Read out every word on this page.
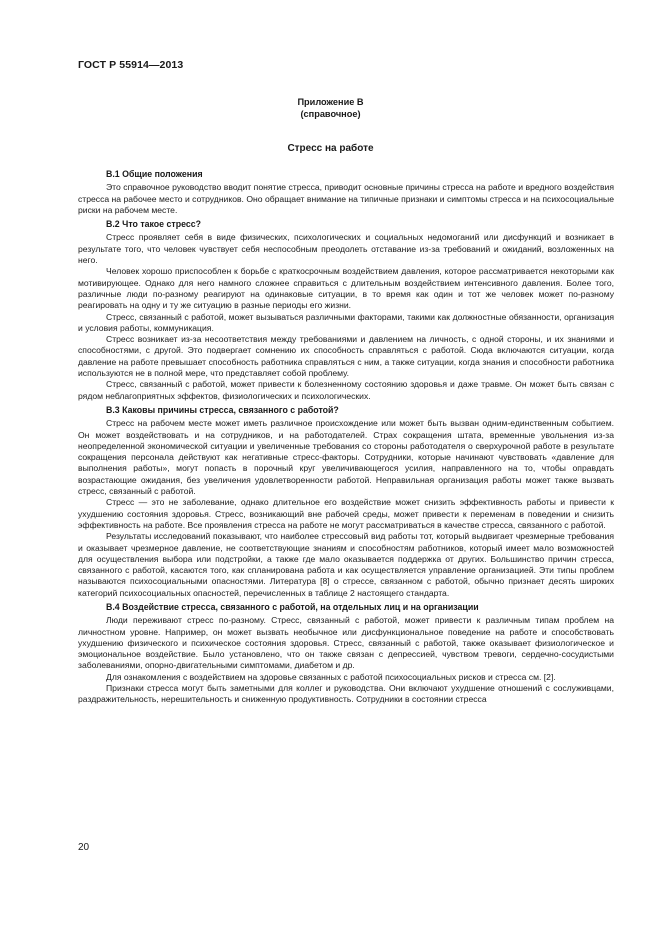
ГОСТ Р 55914—2013
Приложение В
(справочное)
Стресс на работе
В.1 Общие положения

Это справочное руководство вводит понятие стресса, приводит основные причины стресса на работе и вредного воздействия стресса на рабочее место и сотрудников. Оно обращает внимание на типичные признаки и симптомы стресса и на психосоциальные риски на рабочем месте.

В.2 Что такое стресс?

Стресс проявляет себя в виде физических, психологических и социальных недомоганий или дисфункций и возникает в результате того, что человек чувствует себя неспособным преодолеть отставание из-за требований и ожиданий, возложенных на него.

Человек хорошо приспособлен к борьбе с краткосрочным воздействием давления, которое рассматривается некоторыми как мотивирующее. Однако для него намного сложнее справиться с длительным воздействием интенсивного давления. Более того, различные люди по-разному реагируют на одинаковые ситуации, в то время как один и тот же человек может по-разному реагировать на одну и ту же ситуацию в разные периоды его жизни.

Стресс, связанный с работой, может вызываться различными факторами, такими как должностные обязанности, организация и условия работы, коммуникация.

Стресс возникает из-за несоответствия между требованиями и давлением на личность, с одной стороны, и их знаниями и способностями, с другой. Это подвергает сомнению их способность справляться с работой. Сюда включаются ситуации, когда давление на работе превышает способность работника справляться с ним, а также ситуации, когда знания и способности работника используются не в полной мере, что представляет собой проблему.

Стресс, связанный с работой, может привести к болезненному состоянию здоровья и даже травме. Он может быть связан с рядом неблагоприятных эффектов, физиологических и психологических.

В.3 Каковы причины стресса, связанного с работой?

Стресс на рабочем месте может иметь различное происхождение или может быть вызван одним-единственным событием. Он может воздействовать и на сотрудников, и на работодателей. Страх сокращения штата, временные увольнения из-за неопределенной экономической ситуации и увеличенные требования со стороны работодателя о сверхурочной работе в результате сокращения персонала действуют как негативные стресс-факторы. Сотрудники, которые начинают чувствовать «давление для выполнения работы», могут попасть в порочный круг увеличивающегося усилия, направленного на то, чтобы оправдать возрастающие ожидания, без увеличения удовлетворенности работой. Неправильная организация работы может также вызвать стресс, связанный с работой.

Стресс — это не заболевание, однако длительное его воздействие может снизить эффективность работы и привести к ухудшению состояния здоровья. Стресс, возникающий вне рабочей среды, может привести к переменам в поведении и снизить эффективность на работе. Все проявления стресса на работе не могут рассматриваться в качестве стресса, связанного с работой.

Результаты исследований показывают, что наиболее стрессовый вид работы тот, который выдвигает чрезмерные требования и оказывает чрезмерное давление, не соответствующие знаниям и способностям работников, который имеет мало возможностей для осуществления выбора или подстройки, а также где мало оказывается поддержка от других. Большинство причин стресса, связанного с работой, касаются того, как спланирована работа и как осуществляется управление организацией. Эти типы проблем называются психосоциальными опасностями. Литература [8] о стрессе, связанном с работой, обычно признает десять широких категорий психосоциальных опасностей, перечисленных в таблице 2 настоящего стандарта.

В.4 Воздействие стресса, связанного с работой, на отдельных лиц и на организации

Люди переживают стресс по-разному. Стресс, связанный с работой, может привести к различным типам проблем на личностном уровне. Например, он может вызвать необычное или дисфункциональное поведение на работе и способствовать ухудшению физического и психическое состояния здоровья. Стресс, связанный с работой, также оказывает физиологическое и эмоциональное воздействие. Было установлено, что он также связан с депрессией, чувством тревоги, сердечно-сосудистыми заболеваниями, опорно-двигательными симптомами, диабетом и др.

Для ознакомления с воздействием на здоровье связанных с работой психосоциальных рисков и стресса см. [2].

Признаки стресса могут быть заметными для коллег и руководства. Они включают ухудшение отношений с сослуживцами, раздражительность, нерешительность и сниженную продуктивность. Сотрудники в состоянии стресса

20
